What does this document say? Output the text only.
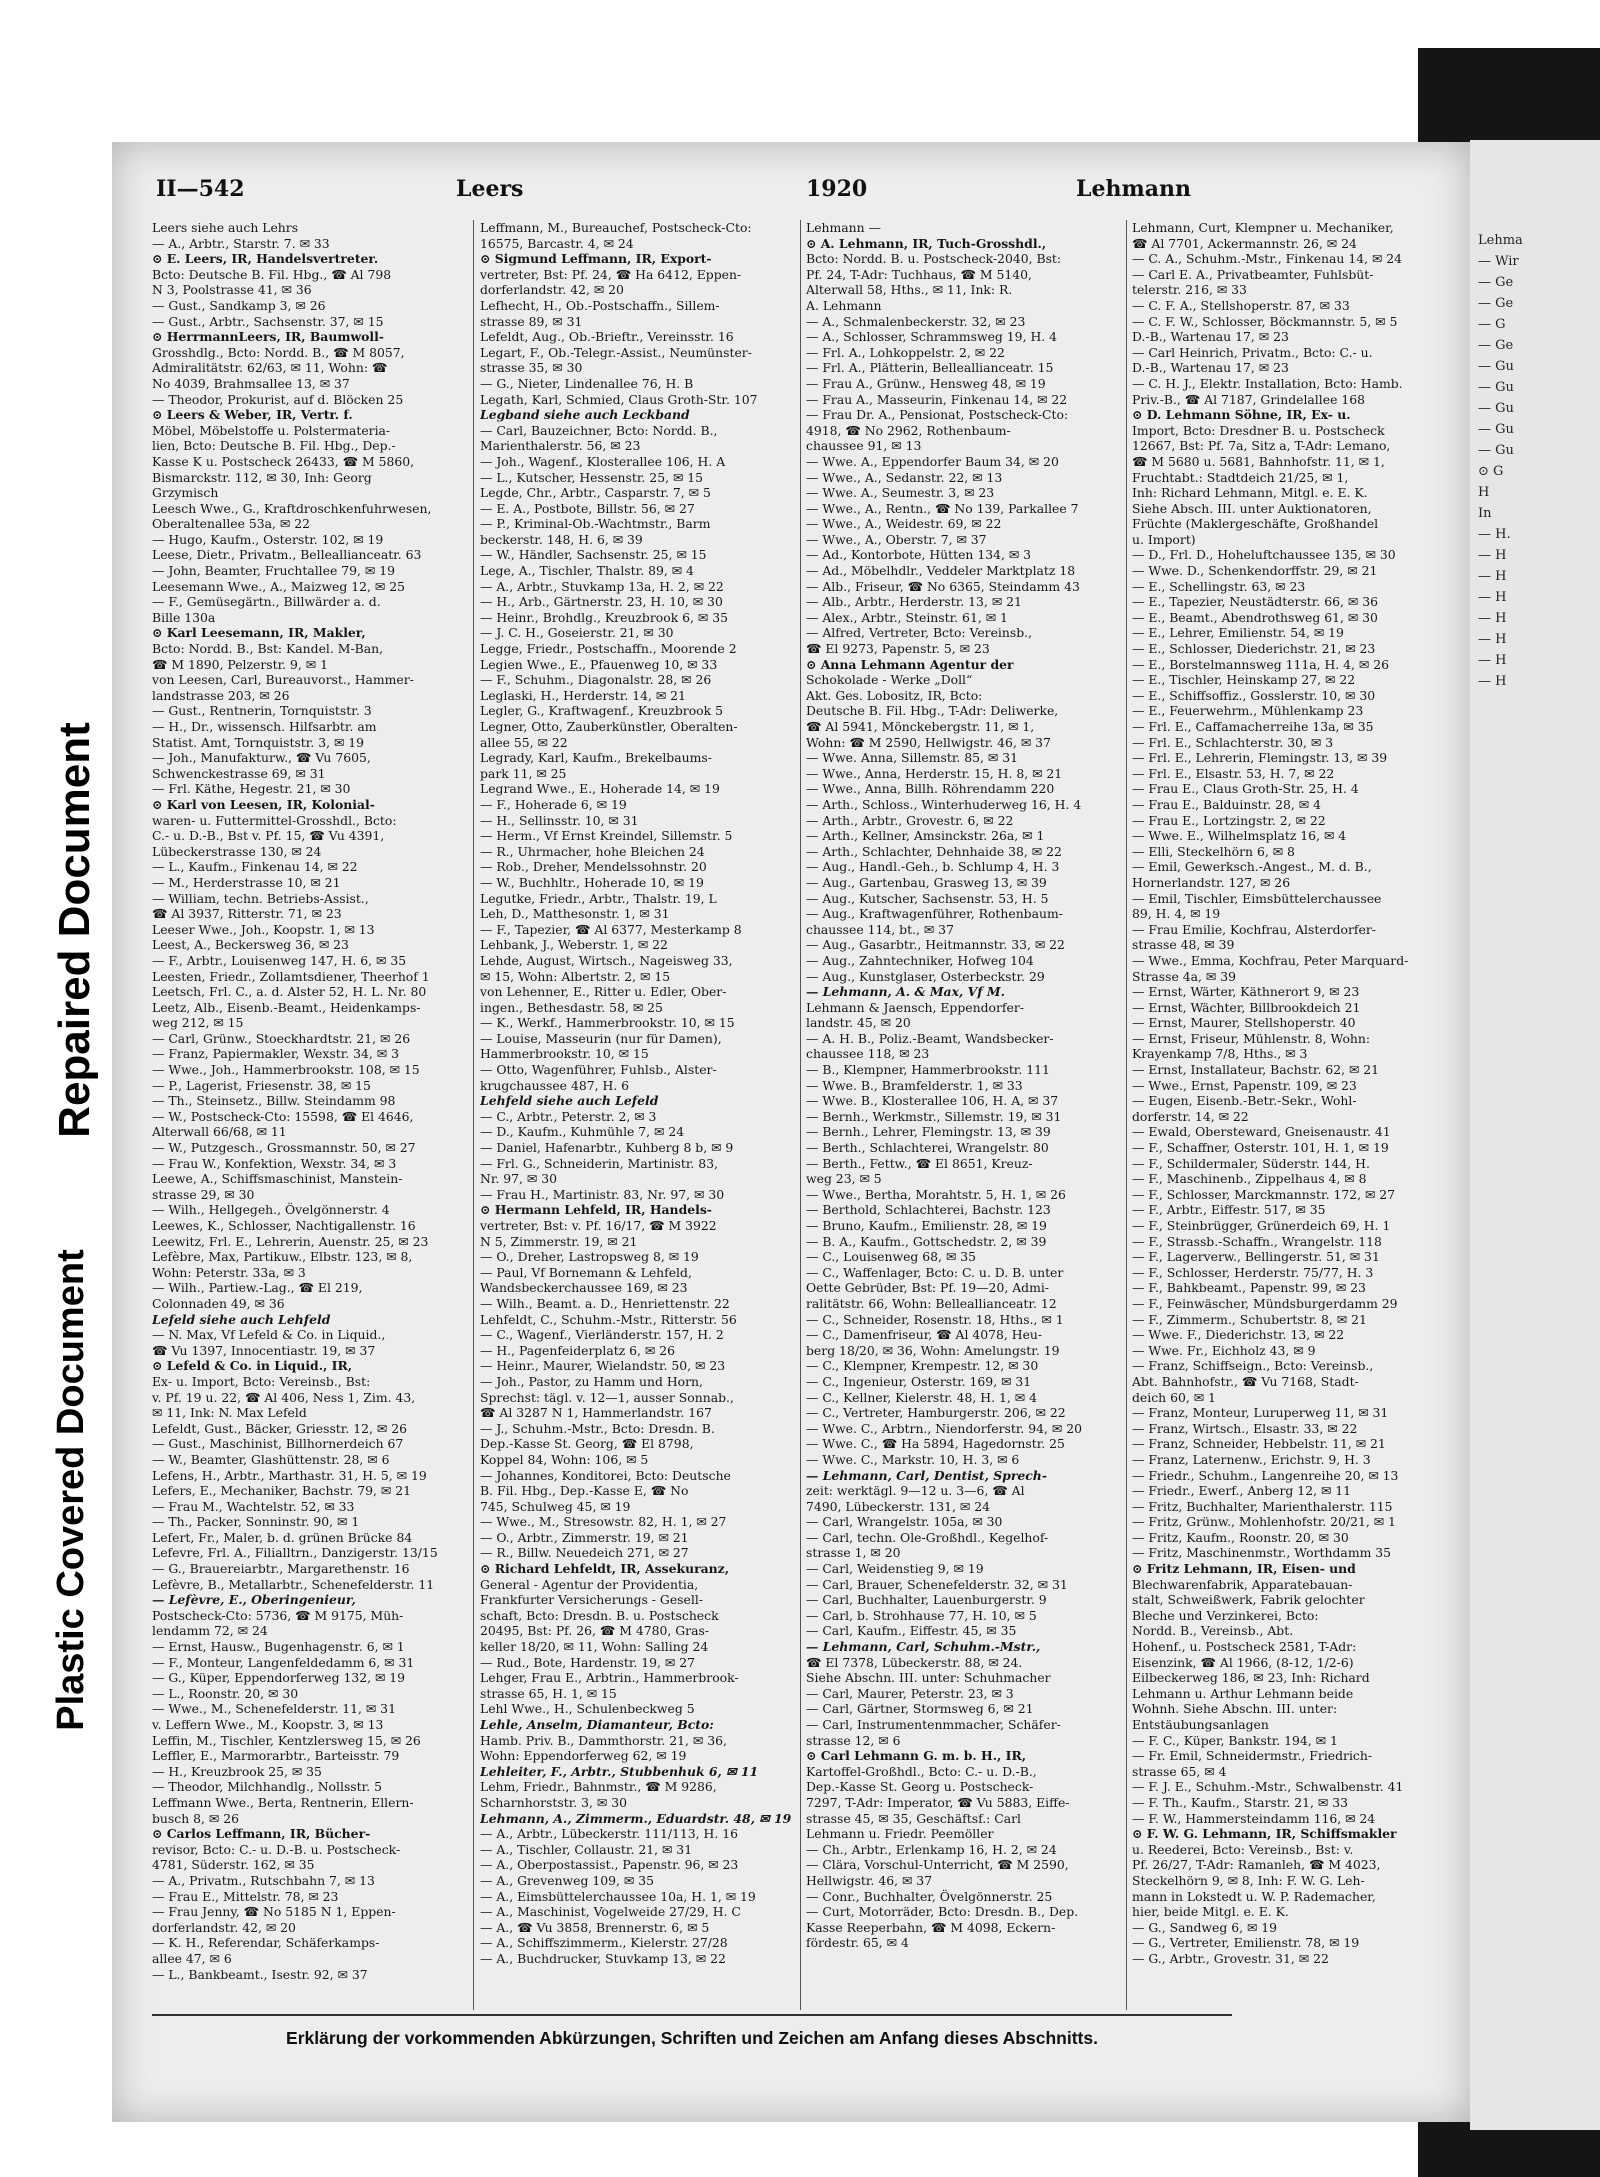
Plastic Covered Document
Repaired Document
Lehma
— Wir
— Ge
— Ge
— G
— Ge
— Gu
— Gu
— Gu
— Gu
— Gu
⊙ G
H
In
— H.
— H
— H
— H
— H
— H
— H
— H
II—542	Leers	1920	Lehmann
Leers siehe auch Lehrs
— A., Arbtr., Starstr. 7. ✉ 33
⊙ E. Leers, IR, Handelsvertreter.
Bcto: Deutsche B. Fil. Hbg., ☎ Al 798
N 3, Poolstrasse 41, ✉ 36
— Gust., Sandkamp 3, ✉ 26
— Gust., Arbtr., Sachsenstr. 37, ✉ 15
⊙ HerrmannLeers, IR, Baumwoll-
Grosshdlg., Bcto: Nordd. B., ☎ M 8057,
Admiralitätstr. 62/63, ✉ 11, Wohn: ☎
No 4039, Brahmsallee 13, ✉ 37
— Theodor, Prokurist, auf d. Blöcken 25
⊙ Leers & Weber, IR, Vertr. f.
Möbel, Möbelstoffe u. Polstermateria-
lien, Bcto: Deutsche B. Fil. Hbg., Dep.-
Kasse K u. Postscheck 26433, ☎ M 5860,
Bismarckstr. 112, ✉ 30, Inh: Georg
Grzymisch
Leesch Wwe., G., Kraftdroschkenfuhrwesen,
Oberaltenallee 53a, ✉ 22
— Hugo, Kaufm., Osterstr. 102, ✉ 19
Leese, Dietr., Privatm., Belleallianceatr. 63
— John, Beamter, Fruchtallee 79, ✉ 19
Leesemann Wwe., A., Maizweg 12, ✉ 25
— F., Gemüsegärtn., Billwärder a. d.
Bille 130a
⊙ Karl Leesemann, IR, Makler,
Bcto: Nordd. B., Bst: Kandel. M-Ban,
☎ M 1890, Pelzerstr. 9, ✉ 1
von Leesen, Carl, Bureauvorst., Hammer-
landstrasse 203, ✉ 26
— Gust., Rentnerin, Tornquiststr. 3
— H., Dr., wissensch. Hilfsarbtr. am
Statist. Amt, Tornquiststr. 3, ✉ 19
— Joh., Manufakturw., ☎ Vu 7605,
Schwenckestrasse 69, ✉ 31
— Frl. Käthe, Hegestr. 21, ✉ 30
⊙ Karl von Leesen, IR, Kolonial-
waren- u. Futtermittel-Grosshdl., Bcto:
C.- u. D.-B., Bst v. Pf. 15, ☎ Vu 4391,
Lübeckerstrasse 130, ✉ 24
— L., Kaufm., Finkenau 14, ✉ 22
— M., Herderstrasse 10, ✉ 21
— William, techn. Betriebs-Assist.,
☎ Al 3937, Ritterstr. 71, ✉ 23
Leeser Wwe., Joh., Koopstr. 1, ✉ 13
Leest, A., Beckersweg 36, ✉ 23
— F., Arbtr., Louisenweg 147, H. 6, ✉ 35
Leesten, Friedr., Zollamtsdiener, Theerhof 1
Leetsch, Frl. C., a. d. Alster 52, H. L. Nr. 80
Leetz, Alb., Eisenb.-Beamt., Heidenkamps-
weg 212, ✉ 15
— Carl, Grünw., Stoeckhardtstr. 21, ✉ 26
— Franz, Papiermakler, Wexstr. 34, ✉ 3
— Wwe., Joh., Hammerbrookstr. 108, ✉ 15
— P., Lagerist, Friesenstr. 38, ✉ 15
— Th., Steinsetz., Billw. Steindamm 98
— W., Postscheck-Cto: 15598, ☎ El 4646,
Alterwall 66/68, ✉ 11
— W., Putzgesch., Grossmannstr. 50, ✉ 27
— Frau W., Konfektion, Wexstr. 34, ✉ 3
Leewe, A., Schiffsmaschinist, Manstein-
strasse 29, ✉ 30
— Wilh., Hellgegeh., Övelgönnerstr. 4
Leewes, K., Schlosser, Nachtigallenstr. 16
Leewitz, Frl. E., Lehrerin, Auenstr. 25, ✉ 23
Lefèbre, Max, Partikuw., Elbstr. 123, ✉ 8,
Wohn: Peterstr. 33a, ✉ 3
— Wilh., Partiew.-Lag., ☎ El 219,
Colonnaden 49, ✉ 36
Lefeld siehe auch Lehfeld
— N. Max, Vf Lefeld & Co. in Liquid.,
☎ Vu 1397, Innocentiastr. 19, ✉ 37
⊙ Lefeld & Co. in Liquid., IR,
Ex- u. Import, Bcto: Vereinsb., Bst:
v. Pf. 19 u. 22, ☎ Al 406, Ness 1, Zim. 43,
✉ 11, Ink: N. Max Lefeld
Lefeldt, Gust., Bäcker, Griesstr. 12, ✉ 26
— Gust., Maschinist, Billhornerdeich 67
— W., Beamter, Glashüttenstr. 28, ✉ 6
Lefens, H., Arbtr., Marthastr. 31, H. 5, ✉ 19
Lefers, E., Mechaniker, Bachstr. 79, ✉ 21
— Frau M., Wachtelstr. 52, ✉ 33
— Th., Packer, Sonninstr. 90, ✉ 1
Lefert, Fr., Maler, b. d. grünen Brücke 84
Lefevre, Frl. A., Filialltrn., Danzigerstr. 13/15
— G., Brauereiarbtr., Margarethenstr. 16
Lefèvre, B., Metallarbtr., Schenefelderstr. 11
— Lefèvre, E., Oberingenieur,
Postscheck-Cto: 5736, ☎ M 9175, Müh-
lendamm 72, ✉ 24
— Ernst, Hausw., Bugenhagenstr. 6, ✉ 1
— F., Monteur, Langenfeldedamm 6, ✉ 31
— G., Küper, Eppendorferweg 132, ✉ 19
— L., Roonstr. 20, ✉ 30
— Wwe., M., Schenefelderstr. 11, ✉ 31
v. Leffern Wwe., M., Koopstr. 3, ✉ 13
Leffin, M., Tischler, Kentzlersweg 15, ✉ 26
Leffler, E., Marmorarbtr., Barteisstr. 79
— H., Kreuzbrook 25, ✉ 35
— Theodor, Milchhandlg., Nollsstr. 5
Leffmann Wwe., Berta, Rentnerin, Ellern-
busch 8, ✉ 26
⊙ Carlos Leffmann, IR, Bücher-
revisor, Bcto: C.- u. D.-B. u. Postscheck-
4781, Süderstr. 162, ✉ 35
— A., Privatm., Rutschbahn 7, ✉ 13
— Frau E., Mittelstr. 78, ✉ 23
— Frau Jenny, ☎ No 5185 N 1, Eppen-
dorferlandstr. 42, ✉ 20
— K. H., Referendar, Schäferkamps-
allee 47, ✉ 6
— L., Bankbeamt., Isestr. 92, ✉ 37
Leffmann, M., Bureauchef, Postscheck-Cto:
16575, Barcastr. 4, ✉ 24
⊙ Sigmund Leffmann, IR, Export-
vertreter, Bst: Pf. 24, ☎ Ha 6412, Eppen-
dorferlandstr. 42, ✉ 20
Lefhecht, H., Ob.-Postschaffn., Sillem-
strasse 89, ✉ 31
Lefeldt, Aug., Ob.-Brieftr., Vereinsstr. 16
Legart, F., Ob.-Telegr.-Assist., Neumünster-
strasse 35, ✉ 30
— G., Nieter, Lindenallee 76, H. B
Legath, Karl, Schmied, Claus Groth-Str. 107
Legband siehe auch Leckband
— Carl, Bauzeichner, Bcto: Nordd. B.,
Marienthalerstr. 56, ✉ 23
— Joh., Wagenf., Klosterallee 106, H. A
— L., Kutscher, Hessenstr. 25, ✉ 15
Legde, Chr., Arbtr., Casparstr. 7, ✉ 5
— E. A., Postbote, Billstr. 56, ✉ 27
— P., Kriminal-Ob.-Wachtmstr., Barm
beckerstr. 148, H. 6, ✉ 39
— W., Händler, Sachsenstr. 25, ✉ 15
Lege, A., Tischler, Thalstr. 89, ✉ 4
— A., Arbtr., Stuvkamp 13a, H. 2, ✉ 22
— H., Arb., Gärtnerstr. 23, H. 10, ✉ 30
— Heinr., Brohdlg., Kreuzbrook 6, ✉ 35
— J. C. H., Goseierstr. 21, ✉ 30
Legge, Friedr., Postschaffn., Moorende 2
Legien Wwe., E., Pfauenweg 10, ✉ 33
— F., Schuhm., Diagonalstr. 28, ✉ 26
Leglaski, H., Herderstr. 14, ✉ 21
Legler, G., Kraftwagenf., Kreuzbrook 5
Legner, Otto, Zauberkünstler, Oberalten-
allee 55, ✉ 22
Legrady, Karl, Kaufm., Brekelbaums-
park 11, ✉ 25
Legrand Wwe., E., Hoherade 14, ✉ 19
— F., Hoherade 6, ✉ 19
— H., Sellinsstr. 10, ✉ 31
— Herm., Vf Ernst Kreindel, Sillemstr. 5
— R., Uhrmacher, hohe Bleichen 24
— Rob., Dreher, Mendelssohnstr. 20
— W., Buchhltr., Hoherade 10, ✉ 19
Legutke, Friedr., Arbtr., Thalstr. 19, L
Leh, D., Matthesonstr. 1, ✉ 31
— F., Tapezier, ☎ Al 6377, Mesterkamp 8
Lehbank, J., Weberstr. 1, ✉ 22
Lehde, August, Wirtsch., Nageisweg 33,
✉ 15, Wohn: Albertstr. 2, ✉ 15
von Lehenner, E., Ritter u. Edler, Ober-
ingen., Bethesdastr. 58, ✉ 25
— K., Werkf., Hammerbrookstr. 10, ✉ 15
— Louise, Masseurin (nur für Damen),
Hammerbrookstr. 10, ✉ 15
— Otto, Wagenführer, Fuhlsb., Alster-
krugchaussee 487, H. 6
Lehfeld siehe auch Lefeld
— C., Arbtr., Peterstr. 2, ✉ 3
— D., Kaufm., Kuhmühle 7, ✉ 24
— Daniel, Hafenarbtr., Kuhberg 8 b, ✉ 9
— Frl. G., Schneiderin, Martinistr. 83,
Nr. 97, ✉ 30
— Frau H., Martinistr. 83, Nr. 97, ✉ 30
⊙ Hermann Lehfeld, IR, Handels-
vertreter, Bst: v. Pf. 16/17, ☎ M 3922
N 5, Zimmerstr. 19, ✉ 21
— O., Dreher, Lastropsweg 8, ✉ 19
— Paul, Vf Bornemann & Lehfeld,
Wandsbeckerchaussee 169, ✉ 23
— Wilh., Beamt. a. D., Henriettenstr. 22
Lehfeldt, C., Schuhm.-Mstr., Ritterstr. 56
— C., Wagenf., Vierländerstr. 157, H. 2
— H., Pagenfeiderplatz 6, ✉ 26
— Heinr., Maurer, Wielandstr. 50, ✉ 23
— Joh., Pastor, zu Hamm und Horn,
Sprechst: tägl. v. 12—1, ausser Sonnab.,
☎ Al 3287 N 1, Hammerlandstr. 167
— J., Schuhm.-Mstr., Bcto: Dresdn. B.
Dep.-Kasse St. Georg, ☎ El 8798,
Koppel 84, Wohn: 106, ✉ 5
— Johannes, Konditorei, Bcto: Deutsche
B. Fil. Hbg., Dep.-Kasse E, ☎ No
745, Schulweg 45, ✉ 19
— Wwe., M., Stresowstr. 82, H. 1, ✉ 27
— O., Arbtr., Zimmerstr. 19, ✉ 21
— R., Billw. Neuedeich 271, ✉ 27
⊙ Richard Lehfeldt, IR, Assekuranz,
General - Agentur der Providentia,
Frankfurter Versicherungs - Gesell-
schaft, Bcto: Dresdn. B. u. Postscheck
20495, Bst: Pf. 26, ☎ M 4780, Gras-
keller 18/20, ✉ 11, Wohn: Salling 24
— Rud., Bote, Hardenstr. 19, ✉ 27
Lehger, Frau E., Arbtrin., Hammerbrook-
strasse 65, H. 1, ✉ 15
Lehl Wwe., H., Schulenbeckweg 5
Lehle, Anselm, Diamanteur, Bcto:
Hamb. Priv. B., Dammthorstr. 21, ✉ 36,
Wohn: Eppendorferweg 62, ✉ 19
Lehleiter, F., Arbtr., Stubbenhuk 6, ✉ 11
Lehm, Friedr., Bahnmstr., ☎ M 9286,
Scharnhorststr. 3, ✉ 30
Lehmann, A., Zimmerm., Eduardstr. 48, ✉ 19
— A., Arbtr., Lübeckerstr. 111/113, H. 16
— A., Tischler, Collaustr. 21, ✉ 31
— A., Oberpostassist., Papenstr. 96, ✉ 23
— A., Grevenweg 109, ✉ 35
— A., Eimsbüttelerchaussee 10a, H. 1, ✉ 19
— A., Maschinist, Vogelweide 27/29, H. C
— A., ☎ Vu 3858, Brennerstr. 6, ✉ 5
— A., Schiffszimmerm., Kielerstr. 27/28
— A., Buchdrucker, Stuvkamp 13, ✉ 22
Lehmann —
⊙ A. Lehmann, IR, Tuch-Grosshdl.,
Bcto: Nordd. B. u. Postscheck-2040, Bst:
Pf. 24, T-Adr: Tuchhaus, ☎ M 5140,
Alterwall 58, Hths., ✉ 11, Ink: R.
A. Lehmann
— A., Schmalenbeckerstr. 32, ✉ 23
— A., Schlosser, Schrammsweg 19, H. 4
— Frl. A., Lohkoppelstr. 2, ✉ 22
— Frl. A., Plätterin, Belleallianceatr. 15
— Frau A., Grünw., Hensweg 48, ✉ 19
— Frau A., Masseurin, Finkenau 14, ✉ 22
— Frau Dr. A., Pensionat, Postscheck-Cto:
4918, ☎ No 2962, Rothenbaum-
chaussee 91, ✉ 13
— Wwe. A., Eppendorfer Baum 34, ✉ 20
— Wwe., A., Sedanstr. 22, ✉ 13
— Wwe. A., Seumestr. 3, ✉ 23
— Wwe., A., Rentn., ☎ No 139, Parkallee 7
— Wwe., A., Weidestr. 69, ✉ 22
— Wwe., A., Oberstr. 7, ✉ 37
— Ad., Kontorbote, Hütten 134, ✉ 3
— Ad., Möbelhdlr., Veddeler Marktplatz 18
— Alb., Friseur, ☎ No 6365, Steindamm 43
— Alb., Arbtr., Herderstr. 13, ✉ 21
— Alex., Arbtr., Steinstr. 61, ✉ 1
— Alfred, Vertreter, Bcto: Vereinsb.,
☎ El 9273, Papenstr. 5, ✉ 23
⊙ Anna Lehmann Agentur der
Schokolade - Werke „Doll“
Akt. Ges. Lobositz, IR, Bcto:
Deutsche B. Fil. Hbg., T-Adr: Deliwerke,
☎ Al 5941, Mönckebergstr. 11, ✉ 1,
Wohn: ☎ M 2590, Hellwigstr. 46, ✉ 37
— Wwe. Anna, Sillemstr. 85, ✉ 31
— Wwe., Anna, Herderstr. 15, H. 8, ✉ 21
— Wwe., Anna, Billh. Röhrendamm 220
— Arth., Schloss., Winterhuderweg 16, H. 4
— Arth., Arbtr., Grovestr. 6, ✉ 22
— Arth., Kellner, Amsinckstr. 26a, ✉ 1
— Arth., Schlachter, Dehnhaide 38, ✉ 22
— Aug., Handl.-Geh., b. Schlump 4, H. 3
— Aug., Gartenbau, Grasweg 13, ✉ 39
— Aug., Kutscher, Sachsenstr. 53, H. 5
— Aug., Kraftwagenführer, Rothenbaum-
chaussee 114, bt., ✉ 37
— Aug., Gasarbtr., Heitmannstr. 33, ✉ 22
— Aug., Zahntechniker, Hofweg 104
— Aug., Kunstglaser, Osterbeckstr. 29
— Lehmann, A. & Max, Vf M.
Lehmann & Jaensch, Eppendorfer-
landstr. 45, ✉ 20
— A. H. B., Poliz.-Beamt, Wandsbecker-
chaussee 118, ✉ 23
— B., Klempner, Hammerbrookstr. 111
— Wwe. B., Bramfelderstr. 1, ✉ 33
— Wwe. B., Klosterallee 106, H. A, ✉ 37
— Bernh., Werkmstr., Sillemstr. 19, ✉ 31
— Bernh., Lehrer, Flemingstr. 13, ✉ 39
— Berth., Schlachterei, Wrangelstr. 80
— Berth., Fettw., ☎ El 8651, Kreuz-
weg 23, ✉ 5
— Wwe., Bertha, Morahtstr. 5, H. 1, ✉ 26
— Berthold, Schlachterei, Bachstr. 123
— Bruno, Kaufm., Emilienstr. 28, ✉ 19
— B. A., Kaufm., Gottschedstr. 2, ✉ 39
— C., Louisenweg 68, ✉ 35
— C., Waffenlager, Bcto: C. u. D. B. unter
Oette Gebrüder, Bst: Pf. 19—20, Admi-
ralitätstr. 66, Wohn: Belleallianceatr. 12
— C., Schneider, Rosenstr. 18, Hths., ✉ 1
— C., Damenfriseur, ☎ Al 4078, Heu-
berg 18/20, ✉ 36, Wohn: Amelungstr. 19
— C., Klempner, Krempestr. 12, ✉ 30
— C., Ingenieur, Osterstr. 169, ✉ 31
— C., Kellner, Kielerstr. 48, H. 1, ✉ 4
— C., Vertreter, Hamburgerstr. 206, ✉ 22
— Wwe. C., Arbtrn., Niendorferstr. 94, ✉ 20
— Wwe. C., ☎ Ha 5894, Hagedornstr. 25
— Wwe. C., Markstr. 10, H. 3, ✉ 6
— Lehmann, Carl, Dentist, Sprech-
zeit: werktägl. 9—12 u. 3—6, ☎ Al
7490, Lübeckerstr. 131, ✉ 24
— Carl, Wrangelstr. 105a, ✉ 30
— Carl, techn. Ole-Großhdl., Kegelhof-
strasse 1, ✉ 20
— Carl, Weidenstieg 9, ✉ 19
— Carl, Brauer, Schenefelderstr. 32, ✉ 31
— Carl, Buchhalter, Lauenburgerstr. 9
— Carl, b. Strohhause 77, H. 10, ✉ 5
— Carl, Kaufm., Eiffestr. 45, ✉ 35
— Lehmann, Carl, Schuhm.-Mstr.,
☎ El 7378, Lübeckerstr. 88, ✉ 24.
Siehe Abschn. III. unter: Schuhmacher
— Carl, Maurer, Peterstr. 23, ✉ 3
— Carl, Gärtner, Stormsweg 6, ✉ 21
— Carl, Instrumentenmmacher, Schäfer-
strasse 12, ✉ 6
⊙ Carl Lehmann G. m. b. H., IR,
Kartoffel-Großhdl., Bcto: C.- u. D.-B.,
Dep.-Kasse St. Georg u. Postscheck-
7297, T-Adr: Imperator, ☎ Vu 5883, Eiffe-
strasse 45, ✉ 35, Geschäftsf.: Carl
Lehmann u. Friedr. Peemöller
— Ch., Arbtr., Erlenkamp 16, H. 2, ✉ 24
— Clära, Vorschul-Unterricht, ☎ M 2590,
Hellwigstr. 46, ✉ 37
— Conr., Buchhalter, Övelgönnerstr. 25
— Curt, Motorräder, Bcto: Dresdn. B., Dep.
Kasse Reeperbahn, ☎ M 4098, Eckern-
fördestr. 65, ✉ 4
Lehmann, Curt, Klempner u. Mechaniker,
☎ Al 7701, Ackermannstr. 26, ✉ 24
— C. A., Schuhm.-Mstr., Finkenau 14, ✉ 24
— Carl E. A., Privatbeamter, Fuhlsbüt-
telerstr. 216, ✉ 33
— C. F. A., Stellshoperstr. 87, ✉ 33
— C. F. W., Schlosser, Böckmannstr. 5, ✉ 5
D.-B., Wartenau 17, ✉ 23
— Carl Heinrich, Privatm., Bcto: C.- u.
D.-B., Wartenau 17, ✉ 23
— C. H. J., Elektr. Installation, Bcto: Hamb.
Priv.-B., ☎ Al 7187, Grindelallee 168
⊙ D. Lehmann Söhne, IR, Ex- u.
Import, Bcto: Dresdner B. u. Postscheck
12667, Bst: Pf. 7a, Sitz a, T-Adr: Lemano,
☎ M 5680 u. 5681, Bahnhofstr. 11, ✉ 1,
Fruchtabt.: Stadtdeich 21/25, ✉ 1,
Inh: Richard Lehmann, Mitgl. e. E. K.
Siehe Absch. III. unter Auktionatoren,
Früchte (Maklergeschäfte, Großhandel
u. Import)
— D., Frl. D., Hoheluftchaussee 135, ✉ 30
— Wwe. D., Schenkendorffstr. 29, ✉ 21
— E., Schellingstr. 63, ✉ 23
— E., Tapezier, Neustädterstr. 66, ✉ 36
— E., Beamt., Abendrothsweg 61, ✉ 30
— E., Lehrer, Emilienstr. 54, ✉ 19
— E., Schlosser, Diederichstr. 21, ✉ 23
— E., Borstelmannsweg 111a, H. 4, ✉ 26
— E., Tischler, Heinskamp 27, ✉ 22
— E., Schiffsoffiz., Gosslerstr. 10, ✉ 30
— E., Feuerwehrm., Mühlenkamp 23
— Frl. E., Caffamacherreihe 13a, ✉ 35
— Frl. E., Schlachterstr. 30, ✉ 3
— Frl. E., Lehrerin, Flemingstr. 13, ✉ 39
— Frl. E., Elsastr. 53, H. 7, ✉ 22
— Frau E., Claus Groth-Str. 25, H. 4
— Frau E., Balduinstr. 28, ✉ 4
— Frau E., Lortzingstr. 2, ✉ 22
— Wwe. E., Wilhelmsplatz 16, ✉ 4
— Elli, Steckelhörn 6, ✉ 8
— Emil, Gewerksch.-Angest., M. d. B.,
Hornerlandstr. 127, ✉ 26
— Emil, Tischler, Eimsbüttelerchaussee
89, H. 4, ✉ 19
— Frau Emilie, Kochfrau, Alsterdorfer-
strasse 48, ✉ 39
— Wwe., Emma, Kochfrau, Peter Marquard-
Strasse 4a, ✉ 39
— Ernst, Wärter, Käthnerort 9, ✉ 23
— Ernst, Wächter, Billbrookdeich 21
— Ernst, Maurer, Stellshoperstr. 40
— Ernst, Friseur, Mühlenstr. 8, Wohn:
Krayenkamp 7/8, Hths., ✉ 3
— Ernst, Installateur, Bachstr. 62, ✉ 21
— Wwe., Ernst, Papenstr. 109, ✉ 23
— Eugen, Eisenb.-Betr.-Sekr., Wohl-
dorferstr. 14, ✉ 22
— Ewald, Obersteward, Gneisenaustr. 41
— F., Schaffner, Osterstr. 101, H. 1, ✉ 19
— F., Schildermaler, Süderstr. 144, H.
— F., Maschinenb., Zippelhaus 4, ✉ 8
— F., Schlosser, Marckmannstr. 172, ✉ 27
— F., Arbtr., Eiffestr. 517, ✉ 35
— F., Steinbrügger, Grünerdeich 69, H. 1
— F., Strassb.-Schaffn., Wrangelstr. 118
— F., Lagerverw., Bellingerstr. 51, ✉ 31
— F., Schlosser, Herderstr. 75/77, H. 3
— F., Bahkbeamt., Papenstr. 99, ✉ 23
— F., Feinwäscher, Mündsburgerdamm 29
— F., Zimmerm., Schubertstr. 8, ✉ 21
— Wwe. F., Diederichstr. 13, ✉ 22
— Wwe. Fr., Eichholz 43, ✉ 9
— Franz, Schiffseign., Bcto: Vereinsb.,
Abt. Bahnhofstr., ☎ Vu 7168, Stadt-
deich 60, ✉ 1
— Franz, Monteur, Luruperweg 11, ✉ 31
— Franz, Wirtsch., Elsastr. 33, ✉ 22
— Franz, Schneider, Hebbelstr. 11, ✉ 21
— Franz, Laternenw., Erichstr. 9, H. 3
— Friedr., Schuhm., Langenreihe 20, ✉ 13
— Friedr., Ewerf., Anberg 12, ✉ 11
— Fritz, Buchhalter, Marienthalerstr. 115
— Fritz, Grünw., Mohlenhofstr. 20/21, ✉ 1
— Fritz, Kaufm., Roonstr. 20, ✉ 30
— Fritz, Maschinenmstr., Worthdamm 35
⊙ Fritz Lehmann, IR, Eisen- und
Blechwarenfabrik, Apparatebauan-
stalt, Schweißwerk, Fabrik gelochter
Bleche und Verzinkerei, Bcto:
Nordd. B., Vereinsb., Abt.
Hohenf., u. Postscheck 2581, T-Adr:
Eisenzink, ☎ Al 1966, (8-12, 1/2-6)
Eilbeckerweg 186, ✉ 23, Inh: Richard
Lehmann u. Arthur Lehmann beide
Wohnh. Siehe Abschn. III. unter:
Entstäubungsanlagen
— F. C., Küper, Bankstr. 194, ✉ 1
— Fr. Emil, Schneidermstr., Friedrich-
strasse 65, ✉ 4
— F. J. E., Schuhm.-Mstr., Schwalbenstr. 41
— F. Th., Kaufm., Starstr. 21, ✉ 33
— F. W., Hammersteindamm 116, ✉ 24
⊙ F. W. G. Lehmann, IR, Schiffsmakler
u. Reederei, Bcto: Vereinsb., Bst: v.
Pf. 26/27, T-Adr: Ramanleh, ☎ M 4023,
Steckelhörn 9, ✉ 8, Inh: F. W. G. Leh-
mann in Lokstedt u. W. P. Rademacher,
hier, beide Mitgl. e. E. K.
— G., Sandweg 6, ✉ 19
— G., Vertreter, Emilienstr. 78, ✉ 19
— G., Arbtr., Grovestr. 31, ✉ 22
Erklärung der vorkommenden Abkürzungen, Schriften und Zeichen am Anfang dieses Abschnitts.
